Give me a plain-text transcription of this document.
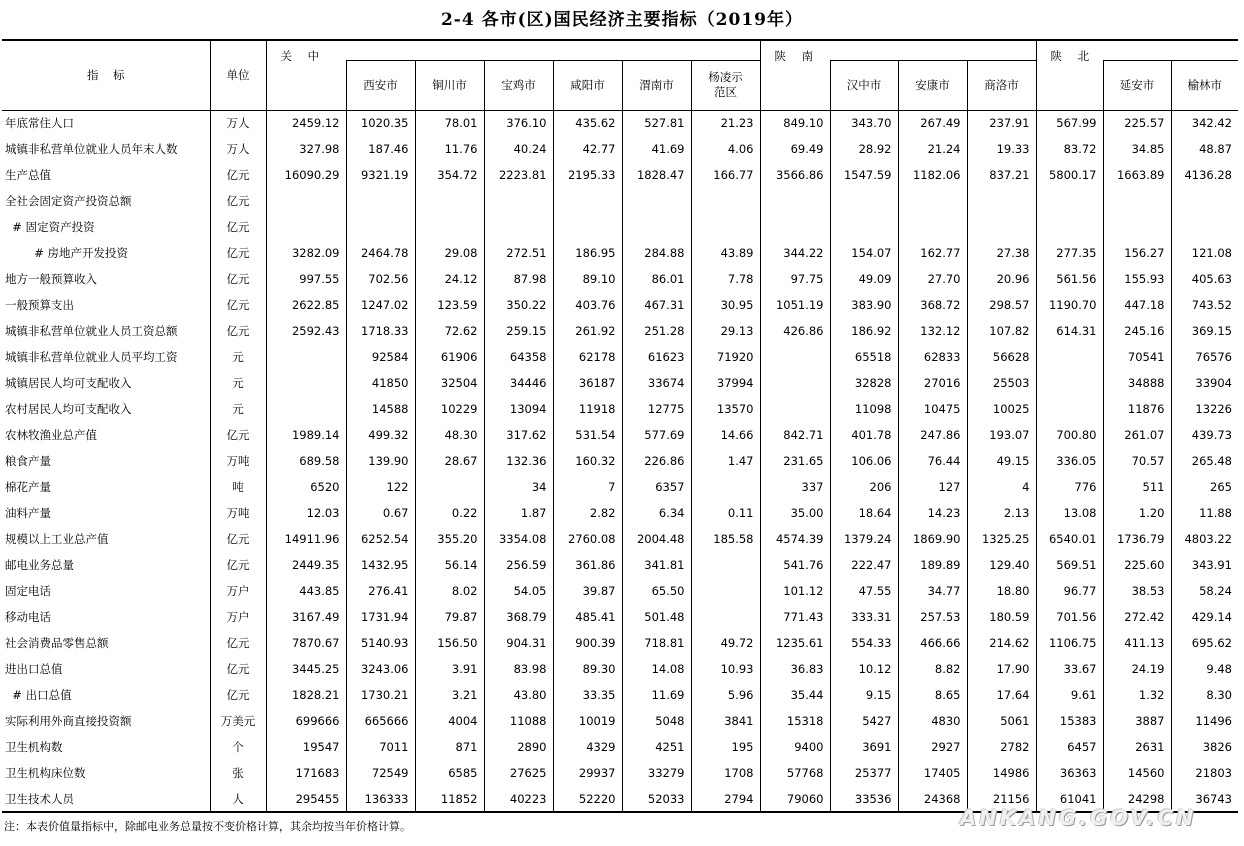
2-4 各市(区)国民经济主要指标（2019年）
指    标	单位	关 中							陕 南				陕 北		
			西安市	铜川市	宝鸡市	咸阳市	渭南市	杨凌示范区		汉中市	安康市	商洛市		延安市	榆林市
年底常住人口	万人	2459.12	1020.35	78.01	376.10	435.62	527.81	21.23	849.10	343.70	267.49	237.91	567.99	225.57	342.42
城镇非私营单位就业人员年末人数	万人	327.98	187.46	11.76	40.24	42.77	41.69	4.06	69.49	28.92	21.24	19.33	83.72	34.85	48.87
生产总值	亿元	16090.29	9321.19	354.72	2223.81	2195.33	1828.47	166.77	3566.86	1547.59	1182.06	837.21	5800.17	1663.89	4136.28
全社会固定资产投资总额	亿元														
# 固定资产投资	亿元														
# 房地产开发投资	亿元	3282.09	2464.78	29.08	272.51	186.95	284.88	43.89	344.22	154.07	162.77	27.38	277.35	156.27	121.08
地方一般预算收入	亿元	997.55	702.56	24.12	87.98	89.10	86.01	7.78	97.75	49.09	27.70	20.96	561.56	155.93	405.63
一般预算支出	亿元	2622.85	1247.02	123.59	350.22	403.76	467.31	30.95	1051.19	383.90	368.72	298.57	1190.70	447.18	743.52
城镇非私营单位就业人员工资总额	亿元	2592.43	1718.33	72.62	259.15	261.92	251.28	29.13	426.86	186.92	132.12	107.82	614.31	245.16	369.15
城镇非私营单位就业人员平均工资	元		92584	61906	64358	62178	61623	71920		65518	62833	56628		70541	76576
城镇居民人均可支配收入	元		41850	32504	34446	36187	33674	37994		32828	27016	25503		34888	33904
农村居民人均可支配收入	元		14588	10229	13094	11918	12775	13570		11098	10475	10025		11876	13226
农林牧渔业总产值	亿元	1989.14	499.32	48.30	317.62	531.54	577.69	14.66	842.71	401.78	247.86	193.07	700.80	261.07	439.73
粮食产量	万吨	689.58	139.90	28.67	132.36	160.32	226.86	1.47	231.65	106.06	76.44	49.15	336.05	70.57	265.48
棉花产量	吨	6520	122		34	7	6357		337	206	127	4	776	511	265
油料产量	万吨	12.03	0.67	0.22	1.87	2.82	6.34	0.11	35.00	18.64	14.23	2.13	13.08	1.20	11.88
规模以上工业总产值	亿元	14911.96	6252.54	355.20	3354.08	2760.08	2004.48	185.58	4574.39	1379.24	1869.90	1325.25	6540.01	1736.79	4803.22
邮电业务总量	亿元	2449.35	1432.95	56.14	256.59	361.86	341.81		541.76	222.47	189.89	129.40	569.51	225.60	343.91
固定电话	万户	443.85	276.41	8.02	54.05	39.87	65.50		101.12	47.55	34.77	18.80	96.77	38.53	58.24
移动电话	万户	3167.49	1731.94	79.87	368.79	485.41	501.48		771.43	333.31	257.53	180.59	701.56	272.42	429.14
社会消费品零售总额	亿元	7870.67	5140.93	156.50	904.31	900.39	718.81	49.72	1235.61	554.33	466.66	214.62	1106.75	411.13	695.62
进出口总值	亿元	3445.25	3243.06	3.91	83.98	89.30	14.08	10.93	36.83	10.12	8.82	17.90	33.67	24.19	9.48
# 出口总值	亿元	1828.21	1730.21	3.21	43.80	33.35	11.69	5.96	35.44	9.15	8.65	17.64	9.61	1.32	8.30
实际利用外商直接投资额	万美元	699666	665666	4004	11088	10019	5048	3841	15318	5427	4830	5061	15383	3887	11496
卫生机构数	个	19547	7011	871	2890	4329	4251	195	9400	3691	2927	2782	6457	2631	3826
卫生机构床位数	张	171683	72549	6585	27625	29937	33279	1708	57768	25377	17405	14986	36363	14560	21803
卫生技术人员	人	295455	136333	11852	40223	52220	52033	2794	79060	33536	24368	21156	61041	24298	36743
注：本表价值量指标中，除邮电业务总量按不变价格计算，其余均按当年价格计算。	ANKANG.GOV.CN
